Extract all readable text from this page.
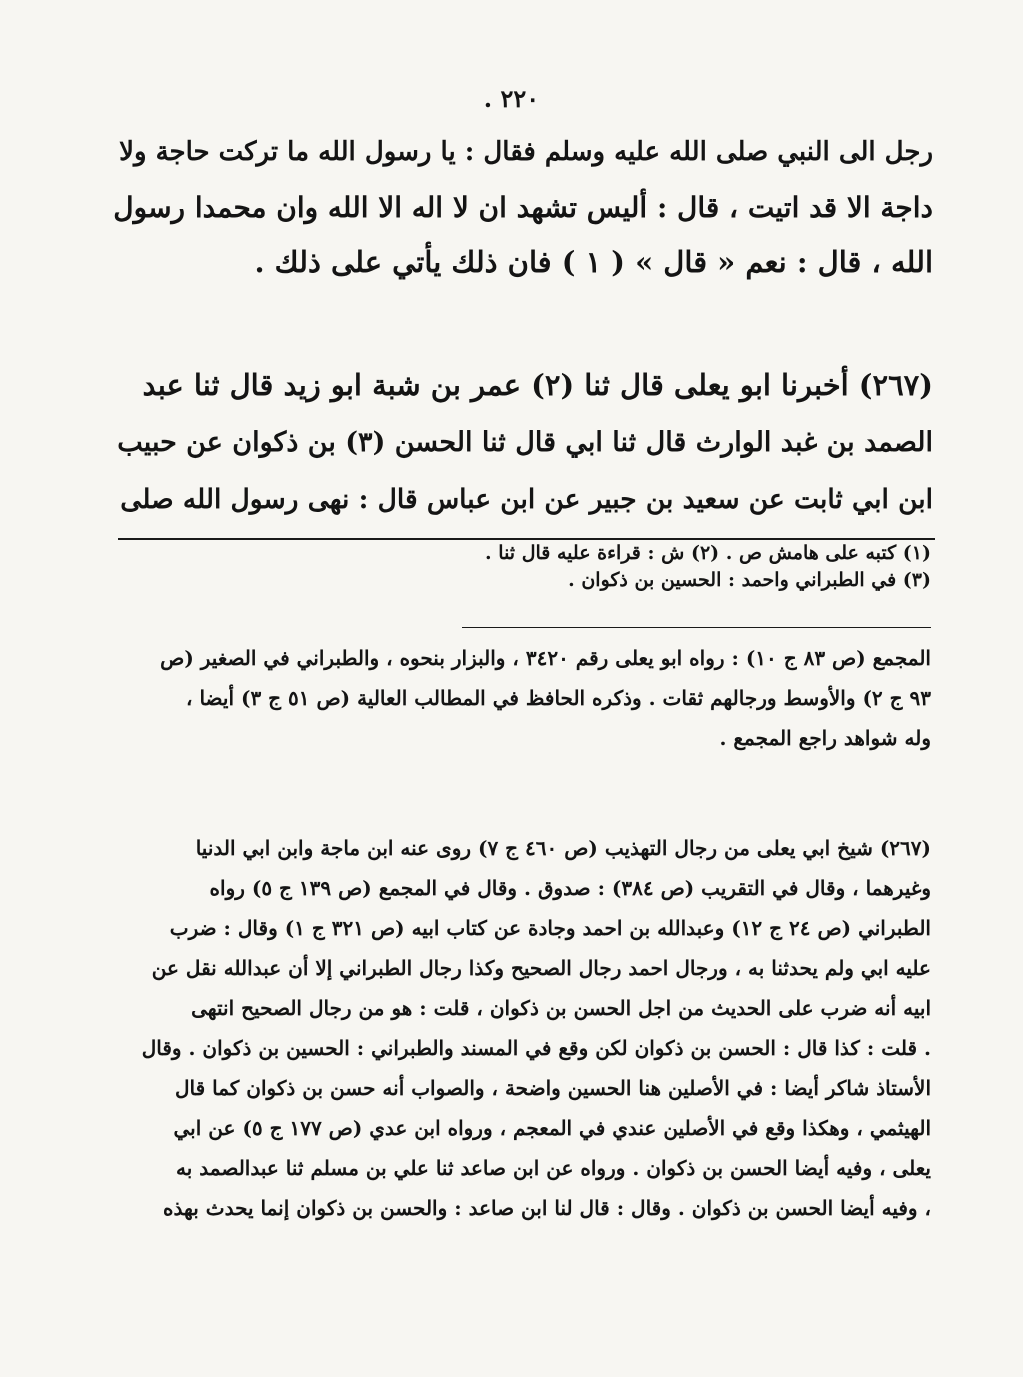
٢٢٠ .
رجل الى النبي صلى الله عليه وسلم فقال : يا رسول الله ما تركت حاجة ولا
داجة الا قد اتيت ، قال : أليس تشهد ان لا اله الا الله وان محمدا رسول
الله ، قال : نعم « قال » ( ١ ) فان ذلك يأتي على ذلك .
(٢٦٧) أخبرنا ابو يعلى قال ثنا (٢) عمر بن شبة ابو زيد قال ثنا عبد
الصمد بن غبد الوارث قال ثنا ابي قال ثنا الحسن (٣) بن ذكوان عن حبيب
ابن ابي ثابت عن سعيد بن جبير عن ابن عباس قال : نهى رسول الله صلى
(١) كتبه على هامش ص . (٢) ش : قراءة عليه قال ثنا .
(٣) في الطبراني واحمد : الحسين بن ذكوان .
المجمع (ص ٨٣ ج ١٠) : رواه ابو يعلى رقم ٣٤٢٠ ، والبزار بنحوه ، والطبراني في الصغير (ص
٩٣ ج ٢) والأوسط ورجالهم ثقات . وذكره الحافظ في المطالب العالية (ص ٥١ ج ٣) أيضا ،
وله شواهد راجع المجمع .
(٢٦٧) شيخ ابي يعلى من رجال التهذيب (ص ٤٦٠ ج ٧) روى عنه ابن ماجة وابن ابي الدنيا
وغيرهما ، وقال في التقريب (ص ٣٨٤) : صدوق . وقال في المجمع (ص ١٣٩ ج ٥) رواه
الطبراني (ص ٢٤ ج ١٢) وعبدالله بن احمد وجادة عن كتاب ابيه (ص ٣٢١ ج ١) وقال : ضرب
عليه ابي ولم يحدثنا به ، ورجال احمد رجال الصحيح وكذا رجال الطبراني إلا أن عبدالله نقل عن
ابيه أنه ضرب على الحديث من اجل الحسن بن ذكوان ، قلت : هو من رجال الصحيح انتهى
. قلت : كذا قال : الحسن بن ذكوان لكن وقع في المسند والطبراني : الحسين بن ذكوان . وقال
الأستاذ شاكر أيضا : في الأصلين هنا الحسين واضحة ، والصواب أنه حسن بن ذكوان كما قال
الهيثمي ، وهكذا وقع في الأصلين عندي في المعجم ، ورواه ابن عدي (ص ١٧٧ ج ٥) عن ابي
يعلى ، وفيه أيضا الحسن بن ذكوان . ورواه عن ابن صاعد ثنا علي بن مسلم ثنا عبدالصمد به
، وفيه أيضا الحسن بن ذكوان . وقال : قال لنا ابن صاعد : والحسن بن ذكوان إنما يحدث بهذه
